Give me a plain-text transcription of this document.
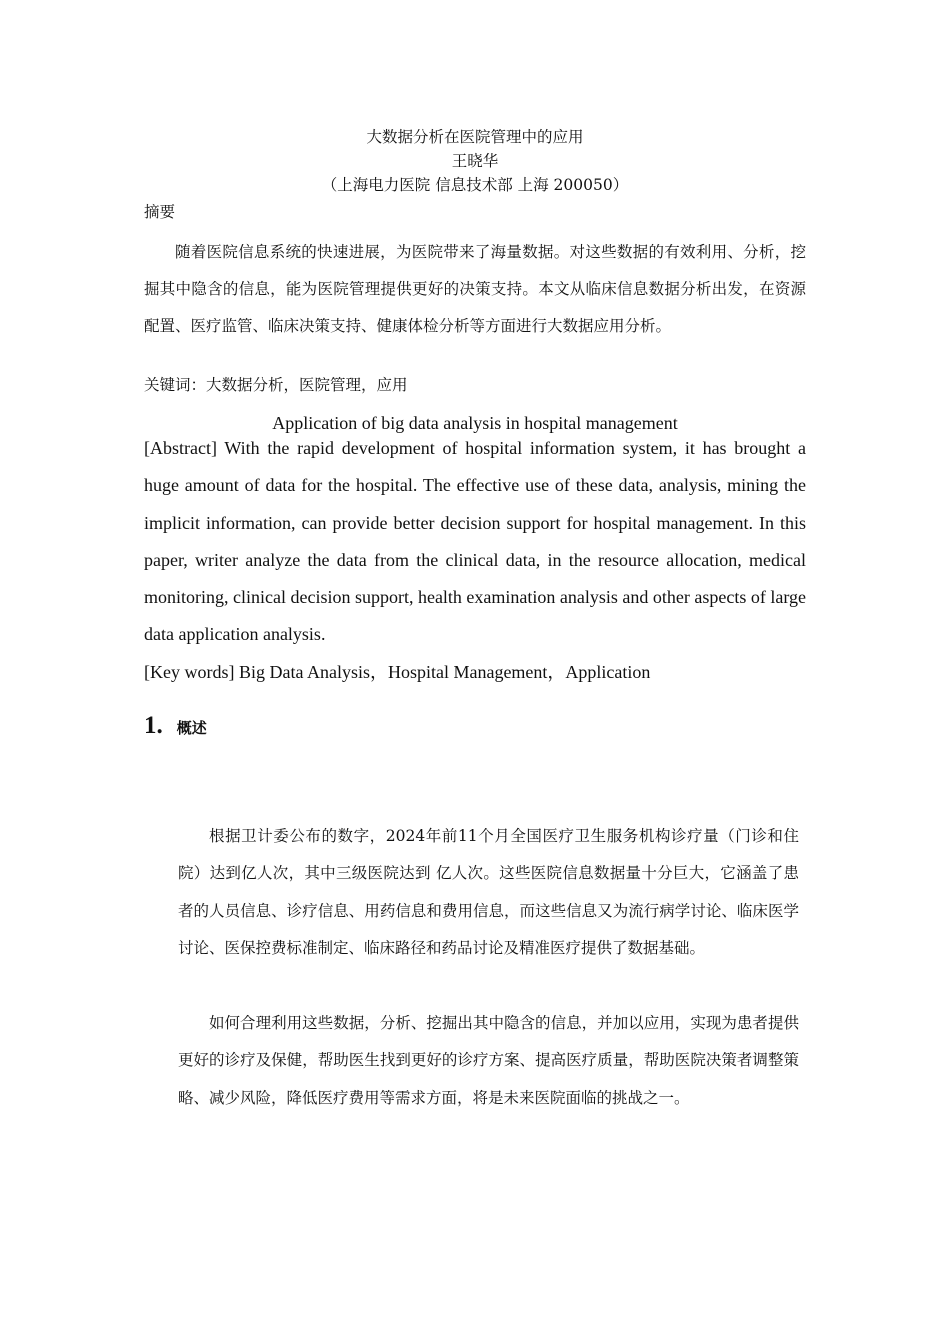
大数据分析在医院管理中的应用
王晓华
（上海电力医院 信息技术部 上海 200050）
摘要

随着医院信息系统的快速进展，为医院带来了海量数据。对这些数据的有效利用、分析，挖掘其中隐含的信息，能为医院管理提供更好的决策支持。本文从临床信息数据分析出发，在资源配置、医疗监管、临床决策支持、健康体检分析等方面进行大数据应用分析。

关键词：大数据分析，医院管理，应用

Application of big data analysis in hospital management
[Abstract] With the rapid development of hospital information system, it has brought a huge amount of data for the hospital. The effective use of these data, analysis, mining the implicit information, can provide better decision support for hospital management. In this paper, writer analyze the data from the clinical data, in the resource allocation, medical monitoring, clinical decision support, health examination analysis and other aspects of large data application analysis.
[Key words] Big Data Analysis，Hospital Management，Application
1. 概述

根据卫计委公布的数字，2024年前11个月全国医疗卫生服务机构诊疗量（门诊和住院）达到亿人次，其中三级医院达到 亿人次。这些医院信息数据量十分巨大，它涵盖了患者的人员信息、诊疗信息、用药信息和费用信息，而这些信息又为流行病学讨论、临床医学讨论、医保控费标准制定、临床路径和药品讨论及精准医疗提供了数据基础。

如何合理利用这些数据，分析、挖掘出其中隐含的信息，并加以应用，实现为患者提供更好的诊疗及保健，帮助医生找到更好的诊疗方案、提高医疗质量，帮助医院决策者调整策略、减少风险，降低医疗费用等需求方面，将是未来医院面临的挑战之一。
